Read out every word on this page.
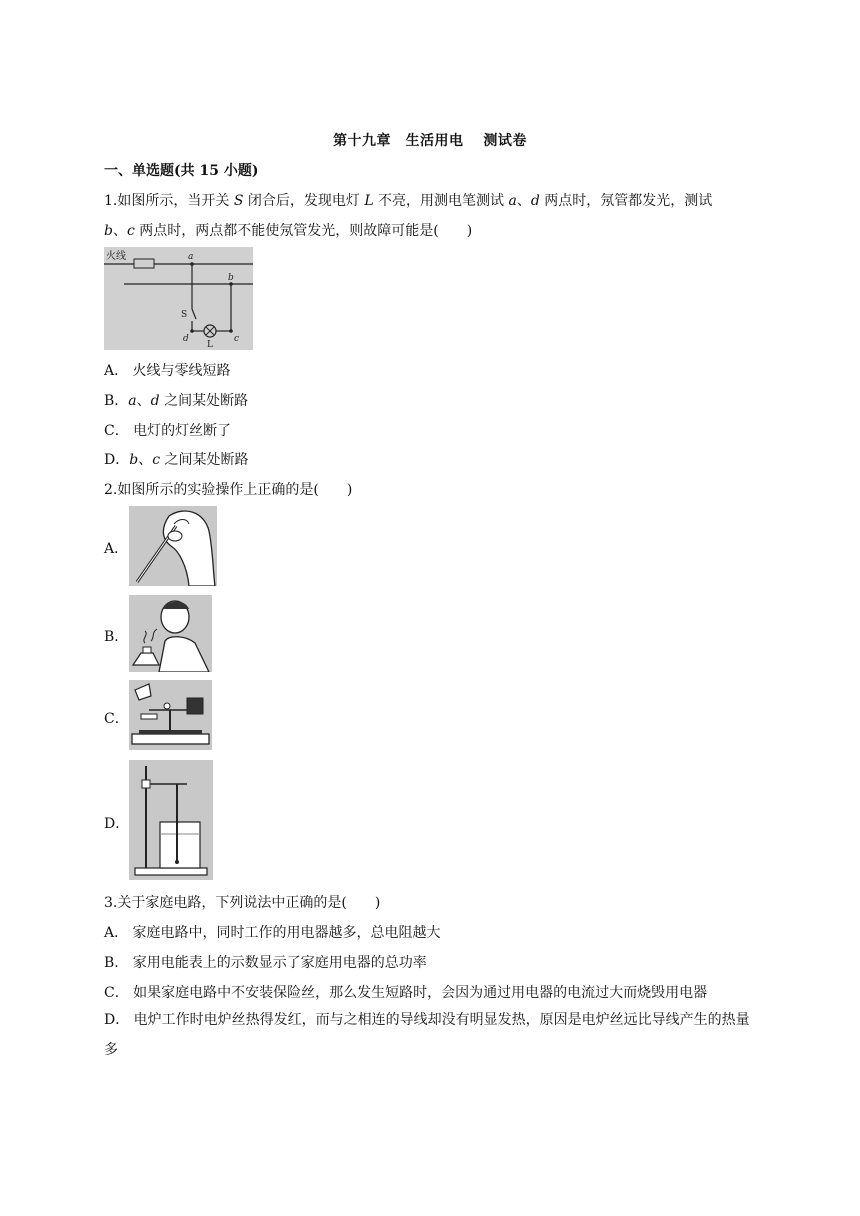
第十九章　生活用电　 测试卷
一、单选题(共 15 小题)
1.如图所示，当开关 S 闭合后，发现电灯 L 不亮，用测电笔测试 a、d 两点时，氖管都发光，测试
b、c 两点时，两点都不能使氖管发光，则故障可能是(　　)
火线	a
b
S
d
L
c
A． 火线与零线短路
B．a、d 之间某处断路
C． 电灯的灯丝断了
D．b、c 之间某处断路
2.如图所示的实验操作上正确的是(　　)
A．
B．
C．
D．
3.关于家庭电路，下列说法中正确的是(　　)
A． 家庭电路中，同时工作的用电器越多，总电阻越大
B． 家用电能表上的示数显示了家庭用电器的总功率
C． 如果家庭电路中不安装保险丝，那么发生短路时，会因为通过用电器的电流过大而烧毁用电器
D． 电炉工作时电炉丝热得发红，而与之相连的导线却没有明显发热，原因是电炉丝远比导线产生的热量多
